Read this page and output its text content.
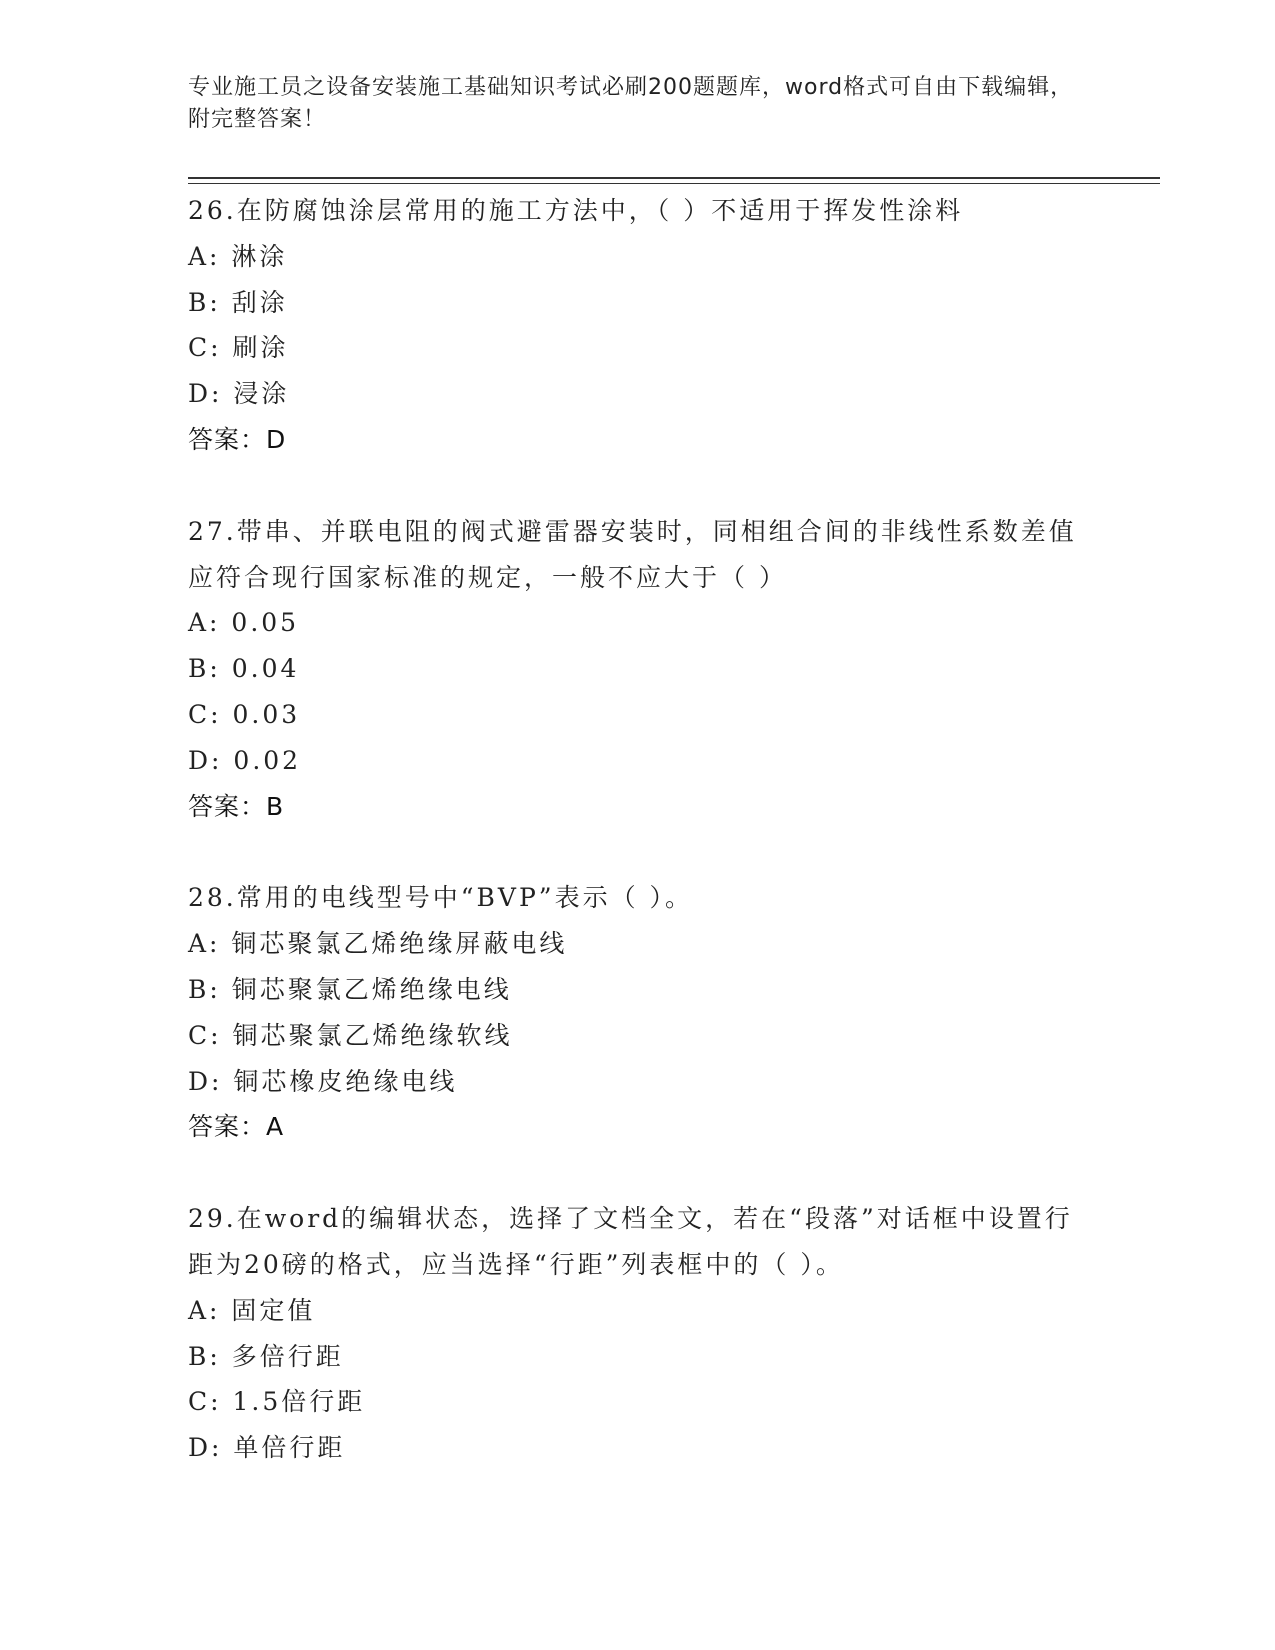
专业施工员之设备安装施工基础知识考试必刷200题题库，word格式可自由下载编辑，附完整答案！
26.在防腐蚀涂层常用的施工方法中，（ ）不适用于挥发性涂料
A: 淋涂
B: 刮涂
C: 刷涂
D: 浸涂
答案：D
27.带串、并联电阻的阀式避雷器安装时，同相组合间的非线性系数差值应符合现行国家标准的规定，一般不应大于（ ）
A: 0.05
B: 0.04
C: 0.03
D: 0.02
答案：B
28.常用的电线型号中“BVP”表示（ ）。
A: 铜芯聚氯乙烯绝缘屏蔽电线
B: 铜芯聚氯乙烯绝缘电线
C: 铜芯聚氯乙烯绝缘软线
D: 铜芯橡皮绝缘电线
答案：A
29.在word的编辑状态，选择了文档全文，若在“段落”对话框中设置行距为20磅的格式，应当选择“行距”列表框中的（ ）。
A: 固定值
B: 多倍行距
C: 1.5倍行距
D: 单倍行距
